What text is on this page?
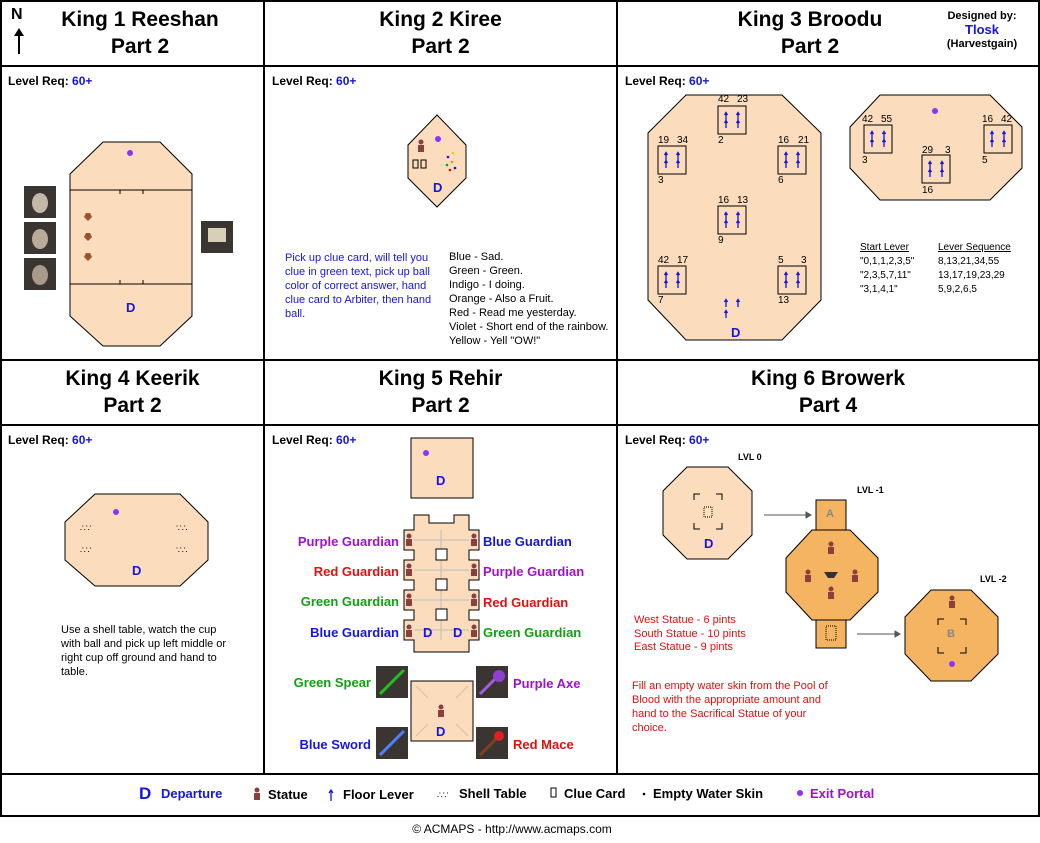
N	King 1 Reeshan
Part 2
King 2 Kiree
Part 2
King 3 Broodu
Part 2
King 4 Keerik
Part 2
King 5 Rehir
Part 2
King 6 Browerk
Part 4
Designed by:
Tlosk
(Harvestgain)
Level Req: 60+	Level Req: 60+	Level Req: 60+
Level Req: 60+	Level Req: 60+	Level Req: 60+
∴∵
∴∵
∵∴
∵∴
∴∵
D
D
D
D
D
D D
D
D
Pick up clue card, will tell you clue in green text, pick up ball color of correct answer, hand clue card to Arbiter, then hand ball.
Blue - Sad.
Green - Green.
Indigo - I doing.
Orange - Also a Fruit.
Red - Read me yesterday.
Violet - Short end of the rainbow.
Yellow - Yell "OW!"
42 23
2
19 34
3
16 21
6
16 13
9
42 17
7
5 3
13
42 55
3
29 3
16
16 42
5
Start Lever	Lever Sequence
"0,1,1,2,3,5" 8,13,21,34,55
"2,3,5,7,11"	13,17,19,23,29
"3,1,4,1"	5,9,2,6,5
Use a shell table, watch the cup with ball and pick up left middle or right cup off ground and hand to table.
Purple Guardian
Red Guardian
Green Guardian
Blue Guardian
Blue Guardian
Purple Guardian
Red Guardian
Green Guardian
Green Spear	Purple Axe
Blue Sword	Red Mace
LVL 0
LVL -1
LVL -2
A
B
West Statue - 6 pints
South Statue - 10 pints
East Statue - 9 pints
Fill an empty water skin from the Pool of Blood with the appropriate amount and hand to the Sacrifical Statue of your choice.
D Departure	Statue	Floor Lever	Shell Table	Clue Card Empty Water Skin	Exit Portal
© ACMAPS - http://www.acmaps.com
